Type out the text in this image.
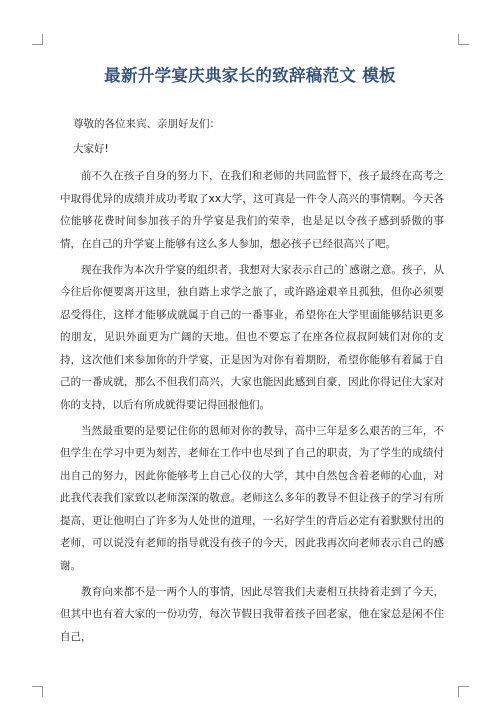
最新升学宴庆典家长的致辞稿范文 模板

尊敬的各位来宾、亲朋好友们：

大家好!

前不久在孩子自身的努力下，在我们和老师的共同监督下，孩子最终在高考之中取得优异的成绩并成功考取了xx大学，这可真是一件令人高兴的事情啊。今天各位能够花费时间参加孩子的升学宴是我们的荣幸，也是足以令孩子感到骄傲的事情，在自己的升学宴上能够有这么多人参加，想必孩子已经很高兴了吧。

现在我作为本次升学宴的组织者，我想对大家表示自己的`感谢之意。孩子，从今往后你便要离开这里，独自踏上求学之旅了，或许路途艰辛且孤独，但你必须要忍受得住，这样才能够成就属于自己的一番事业，希望你在大学里面能够结识更多的朋友，见识外面更为广阔的天地。但也不要忘了在座各位叔叔阿姨们对你的支持，这次他们来参加你的升学宴，正是因为对你有着期盼，希望你能够有着属于自己的一番成就，那么不但我们高兴，大家也能因此感到自豪，因此你得记住大家对你的支持，以后有所成就得要记得回报他们。

当然最重要的是要记住你的恩师对你的教导，高中三年是多么艰苦的三年，不但学生在学习中更为刻苦，老师在工作中也尽到了自己的职责，为了学生的成绩付出自己的努力，因此你能够考上自己心仪的大学，其中自然包含着老师的心血，对此我代表我们家致以老师深深的敬意。老师这么多年的教导不但让孩子的学习有所提高，更让他明白了许多为人处世的道理，一名好学生的背后必定有着默默付出的老师，可以说没有老师的指导就没有孩子的今天，因此我再次向老师表示自己的感谢。

教育向来都不是一两个人的事情，因此尽管我们夫妻相互扶持着走到了今天，但其中也有着大家的一份功劳，每次节假日我带着孩子回老家，他在家总是闲不住自己，
